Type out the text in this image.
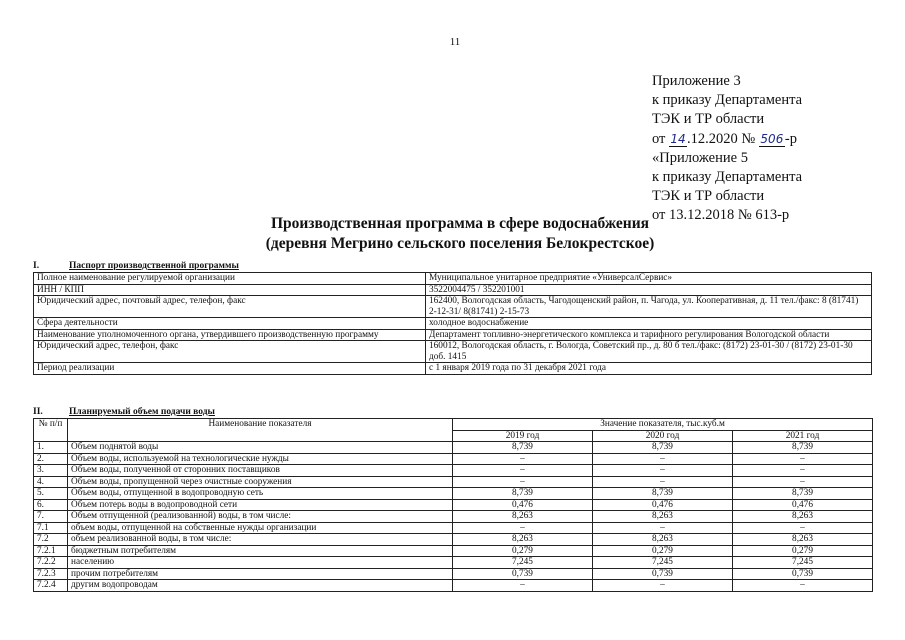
11
Приложение 3
к приказу Департамента
ТЭК и ТР области
от 14.12.2020 № 506 -р
«Приложение 5
к приказу Департамента
ТЭК и ТР области
от 13.12.2018 № 613-р
Производственная программа в сфере водоснабжения
(деревня Мегрино сельского поселения Белокрестское)
I.	Паспорт производственной программы
Полное наименование регулируемой организации	Муниципальное унитарное предприятие «УниверсалСервис»
ИНН / КПП	3522004475 / 352201001
Юридический адрес, почтовый адрес, телефон, факс	162400, Вологодская область, Чагодощенский район, п. Чагода, ул. Кооперативная, д. 11 тел./факс: 8 (81741) 2-12-31/ 8(81741) 2-15-73
Сфера деятельности	холодное водоснабжение
Наименование уполномоченного органа, утвердившего производственную программу	Департамент топливно-энергетического комплекса и тарифного регулирования Вологодской области
Юридический адрес, телефон, факс	160012, Вологодская область, г. Вологда, Советский пр., д. 80 б тел./факс: (8172) 23-01-30 / (8172) 23-01-30 доб. 1415
Период реализации	с 1 января 2019 года по 31 декабря 2021 года
II.	Планируемый объем подачи воды
№ п/п	Наименование показателя	Значение показателя, тыс.куб.м		
		2019 год	2020 год	2021 год
1.	Объем поднятой воды	8,739	8,739	8,739
2.	Объем воды, используемой на технологические нужды	–	–	–
3.	Объем воды, полученной от сторонних поставщиков	–	–	–
4.	Объем воды, пропущенной через очистные сооружения	–	–	–
5.	Объем воды, отпущенной в водопроводную сеть	8,739	8,739	8,739
6.	Объем потерь воды в водопроводной сети	0,476	0,476	0,476
7.	Объем отпущенной (реализованной) воды, в том числе:	8,263	8,263	8,263
7.1	объем воды, отпущенной на собственные нужды организации	–	–	–
7.2	объем реализованной воды, в том числе:	8,263	8,263	8,263
7.2.1	бюджетным потребителям	0,279	0,279	0,279
7.2.2	населению	7,245	7,245	7,245
7.2.3	прочим потребителям	0,739	0,739	0,739
7.2.4	другим водопроводам	–	–	–
